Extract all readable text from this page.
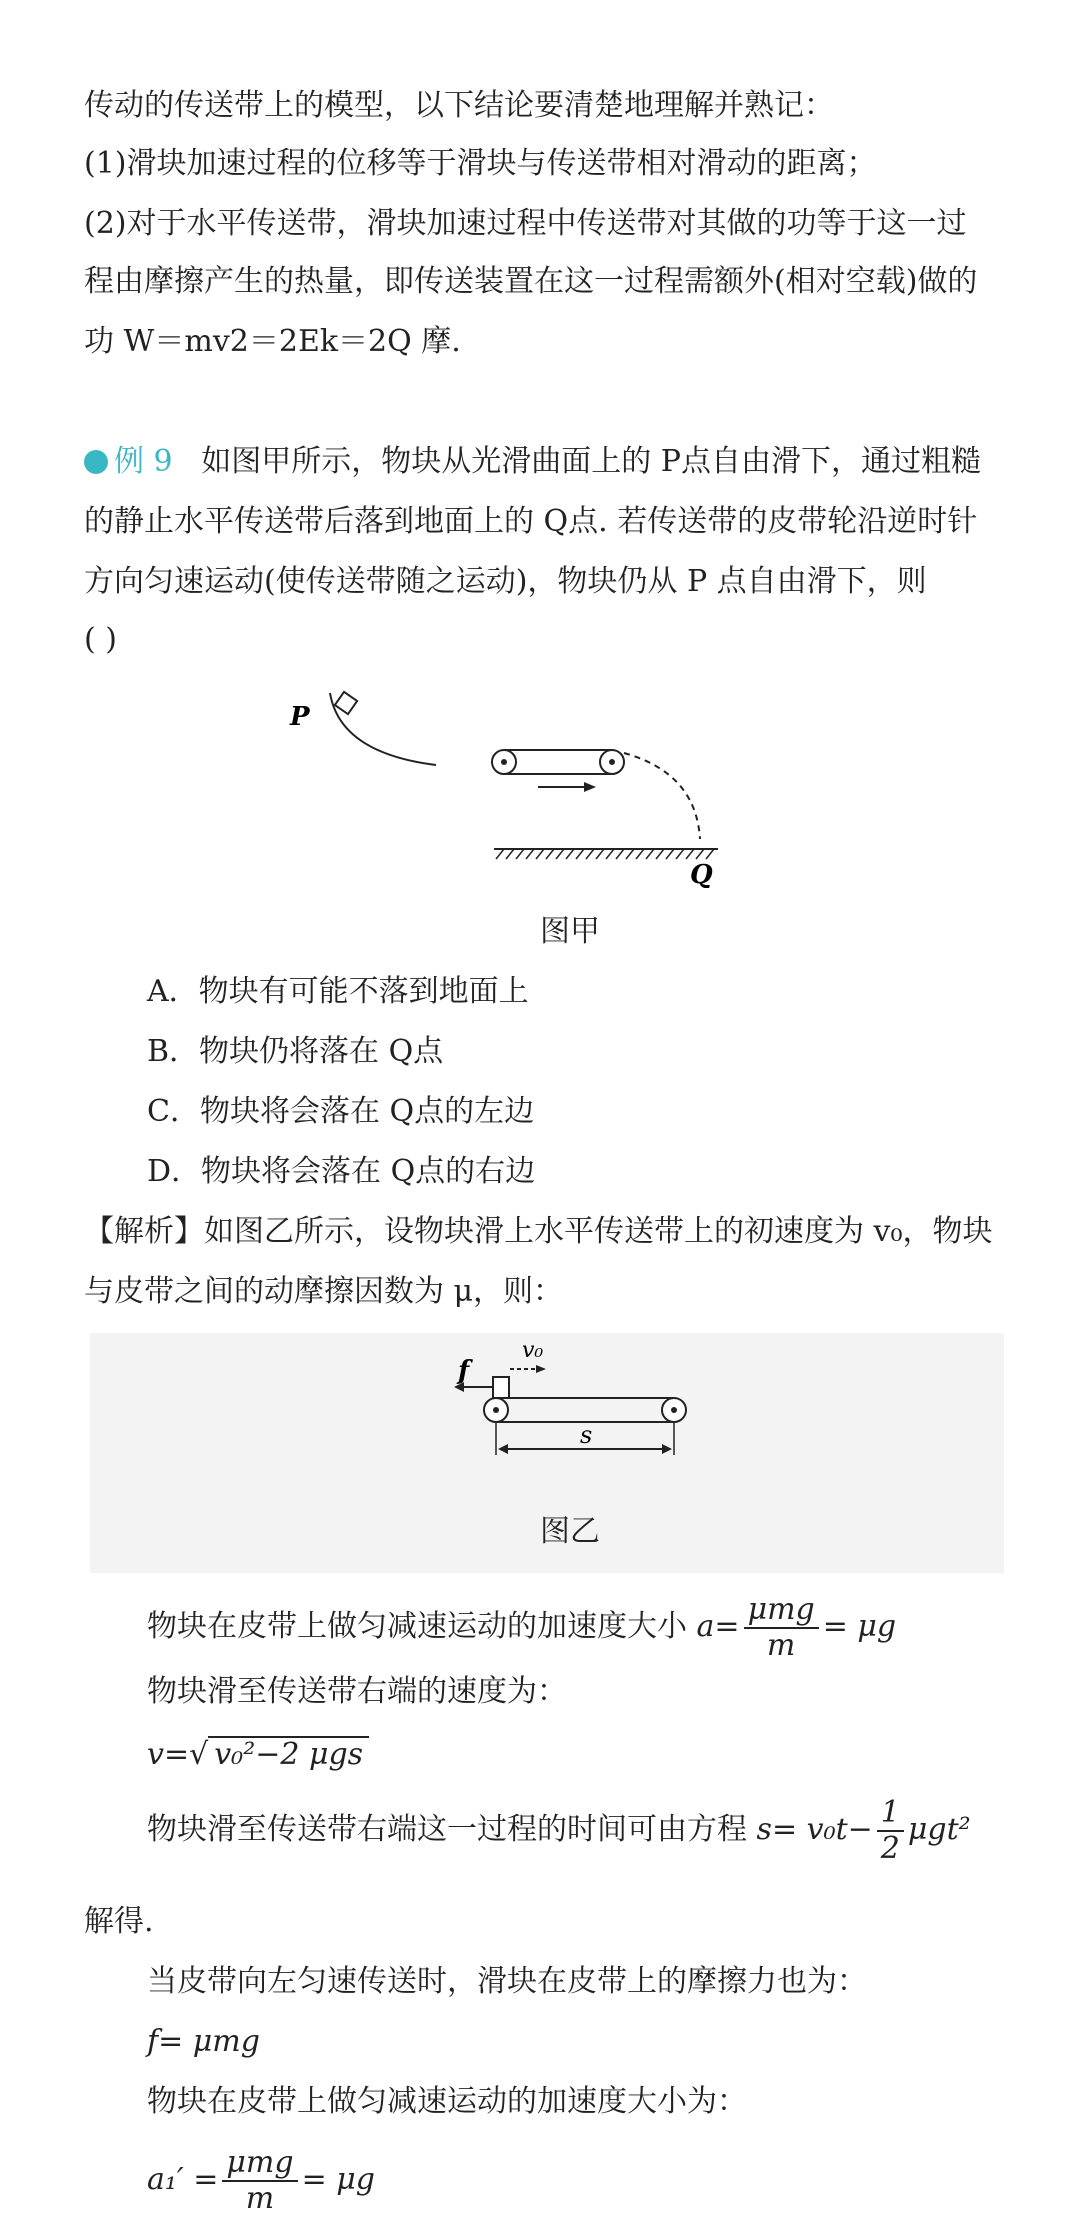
传动的传送带上的模型，以下结论要清楚地理解并熟记：
(1)滑块加速过程的位移等于滑块与传送带相对滑动的距离；
(2)对于水平传送带，滑块加速过程中传送带对其做的功等于这一过
程由摩擦产生的热量，即传送装置在这一过程需额外(相对空载)做的
功 W＝mv2＝2Ek＝2Q 摩.
例 9 如图甲所示，物块从光滑曲面上的 P点自由滑下，通过粗糙
的静止水平传送带后落到地面上的 Q点. 若传送带的皮带轮沿逆时针
方向匀速运动(使传送带随之运动)，物块仍从 P 点自由滑下，则
( )
P
Q
图甲
A．物块有可能不落到地面上
B．物块仍将落在 Q点
C．物块将会落在 Q点的左边
D．物块将会落在 Q点的右边
【解析】如图乙所示，设物块滑上水平传送带上的初速度为 v₀，物块
与皮带之间的动摩擦因数为 μ，则：
f
v₀
s
图乙
物块在皮带上做匀减速运动的加速度大小 $a= \frac{\text{μmg}}{m} = \mu g$
物块滑至传送带右端的速度为：
v=√ v₀²−2 μgs
物块滑至传送带右端这一过程的时间可由方程 $s= v_0t- \frac{1}{2} \mu gt^2$
解得.
当皮带向左匀速传送时，滑块在皮带上的摩擦力也为：
f= μmg
物块在皮带上做匀减速运动的加速度大小为：
$a_1' = \frac{\text{μmg}}{m} = \mu g$
